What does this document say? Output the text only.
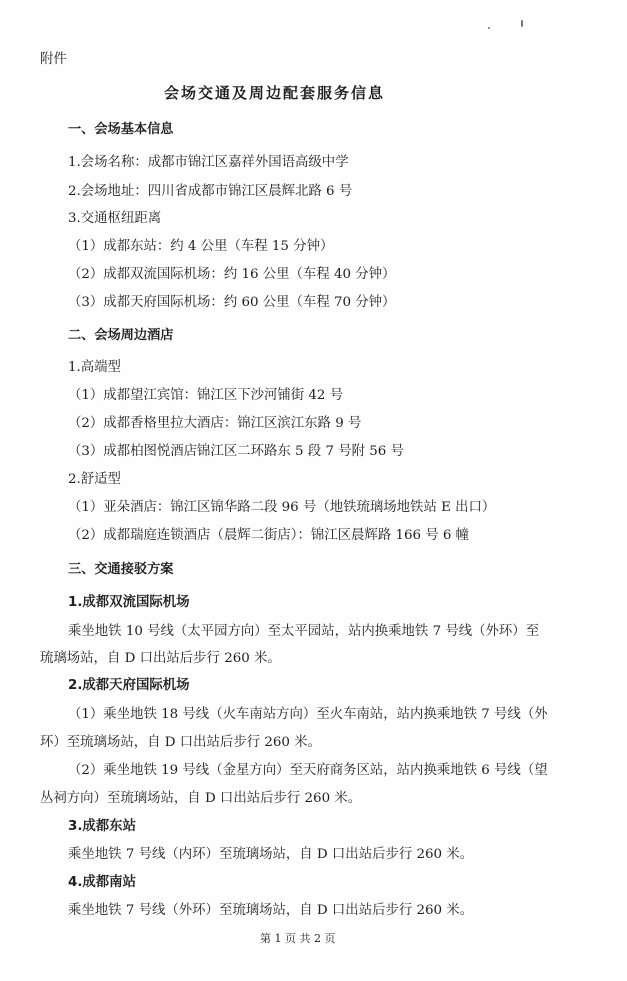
附件
会场交通及周边配套服务信息
一、会场基本信息
1.会场名称：成都市锦江区嘉祥外国语高级中学
2.会场地址：四川省成都市锦江区晨辉北路 6 号
3.交通枢纽距离
（1）成都东站：约 4 公里（车程 15 分钟）
（2）成都双流国际机场：约 16 公里（车程 40 分钟）
（3）成都天府国际机场：约 60 公里（车程 70 分钟）
二、会场周边酒店
1.高端型
（1）成都望江宾馆：锦江区下沙河铺街 42 号
（2）成都香格里拉大酒店：锦江区滨江东路 9 号
（3）成都柏图悦酒店锦江区二环路东 5 段 7 号附 56 号
2.舒适型
（1）亚朵酒店：锦江区锦华路二段 96 号（地铁琉璃场地铁站 E 出口）
（2）成都瑞庭连锁酒店（晨辉二街店）：锦江区晨辉路 166 号 6 幢
三、交通接驳方案
1.成都双流国际机场
乘坐地铁 10 号线（太平园方向）至太平园站，站内换乘地铁 7 号线（外环）至
琉璃场站，自 D 口出站后步行 260 米。
2.成都天府国际机场
（1）乘坐地铁 18 号线（火车南站方向）至火车南站，站内换乘地铁 7 号线（外
环）至琉璃场站，自 D 口出站后步行 260 米。
（2）乘坐地铁 19 号线（金星方向）至天府商务区站，站内换乘地铁 6 号线（望
丛祠方向）至琉璃场站，自 D 口出站后步行 260 米。
3.成都东站
乘坐地铁 7 号线（内环）至琉璃场站，自 D 口出站后步行 260 米。
4.成都南站
乘坐地铁 7 号线（外环）至琉璃场站，自 D 口出站后步行 260 米。
第 1 页 共 2 页
